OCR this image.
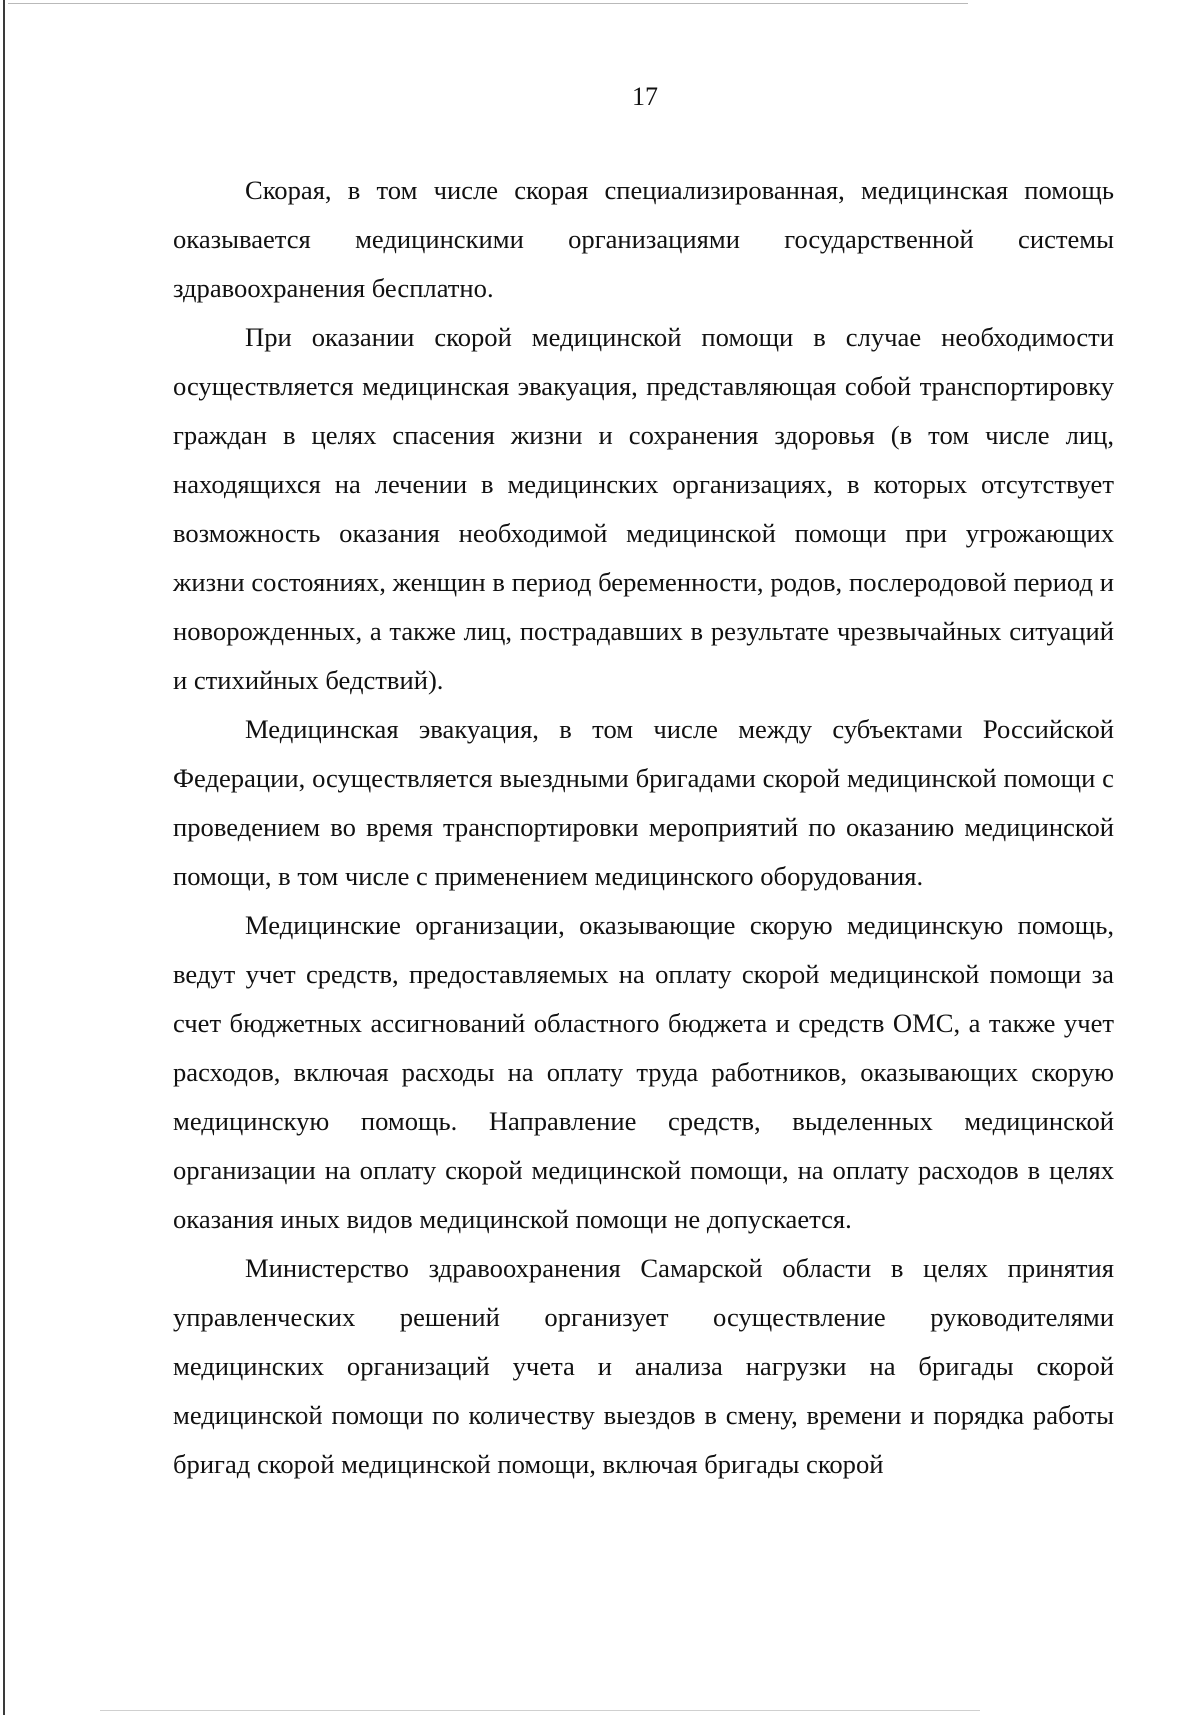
17

Скорая, в том числе скорая специализированная, медицинская помощь оказывается медицинскими организациями государственной системы здравоохранения бесплатно.

При оказании скорой медицинской помощи в случае необходимости осуществляется медицинская эвакуация, представляющая собой транспортировку граждан в целях спасения жизни и сохранения здоровья (в том числе лиц, находящихся на лечении в медицинских организациях, в которых отсутствует возможность оказания необходимой медицинской помощи при угрожающих жизни состояниях, женщин в период беременности, родов, послеродовой период и новорожденных, а также лиц, пострадавших в результате чрезвычайных ситуаций и стихийных бедствий).

Медицинская эвакуация, в том числе между субъектами Российской Федерации, осуществляется выездными бригадами скорой медицинской помощи с проведением во время транспортировки мероприятий по оказанию медицинской помощи, в том числе с применением медицинского оборудования.

Медицинские организации, оказывающие скорую медицинскую помощь, ведут учет средств, предоставляемых на оплату скорой медицинской помощи за счет бюджетных ассигнований областного бюджета и средств ОМС, а также учет расходов, включая расходы на оплату труда работников, оказывающих скорую медицинскую помощь. Направление средств, выделенных медицинской организации на оплату скорой медицинской помощи, на оплату расходов в целях оказания иных видов медицинской помощи не допускается.

Министерство здравоохранения Самарской области в целях принятия управленческих решений организует осуществление руководителями медицинских организаций учета и анализа нагрузки на бригады скорой медицинской помощи по количеству выездов в смену, времени и порядка работы бригад скорой медицинской помощи, включая бригады скорой
